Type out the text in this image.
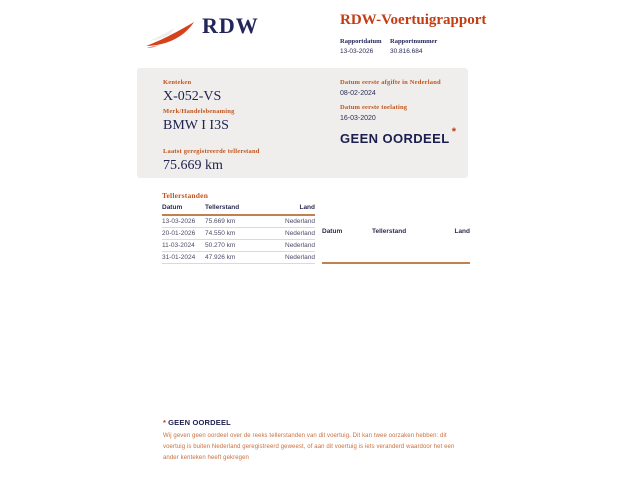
RDW	RDW-Voertuigrapport
Rapportdatum
13-03-2026
Rapportnummer
30.816.684
Kenteken
X-052-VS
Merk/Handelsbenaming
BMW I I3S
Laatst geregistreerde tellerstand
75.669 km
Datum eerste afgifte in Nederland
08-02-2024
Datum eerste toelating
16-03-2020
GEEN OORDEEL *
Tellerstanden
Datum	Tellerstand	Land
13-03-2026	75.669 km	Nederland
20-01-2026	74.550 km	Nederland
11-03-2024	50.270 km	Nederland
31-01-2024	47.926 km	Nederland
Datum	Tellerstand	Land
* GEEN OORDEEL

Wij geven geen oordeel over de reeks tellerstanden van dit voertuig. Dit kan twee oorzaken hebben: dit voertuig is buiten Nederland geregistreerd geweest, of aan dit voertuig is iets veranderd waardoor het een ander kenteken heeft gekregen
